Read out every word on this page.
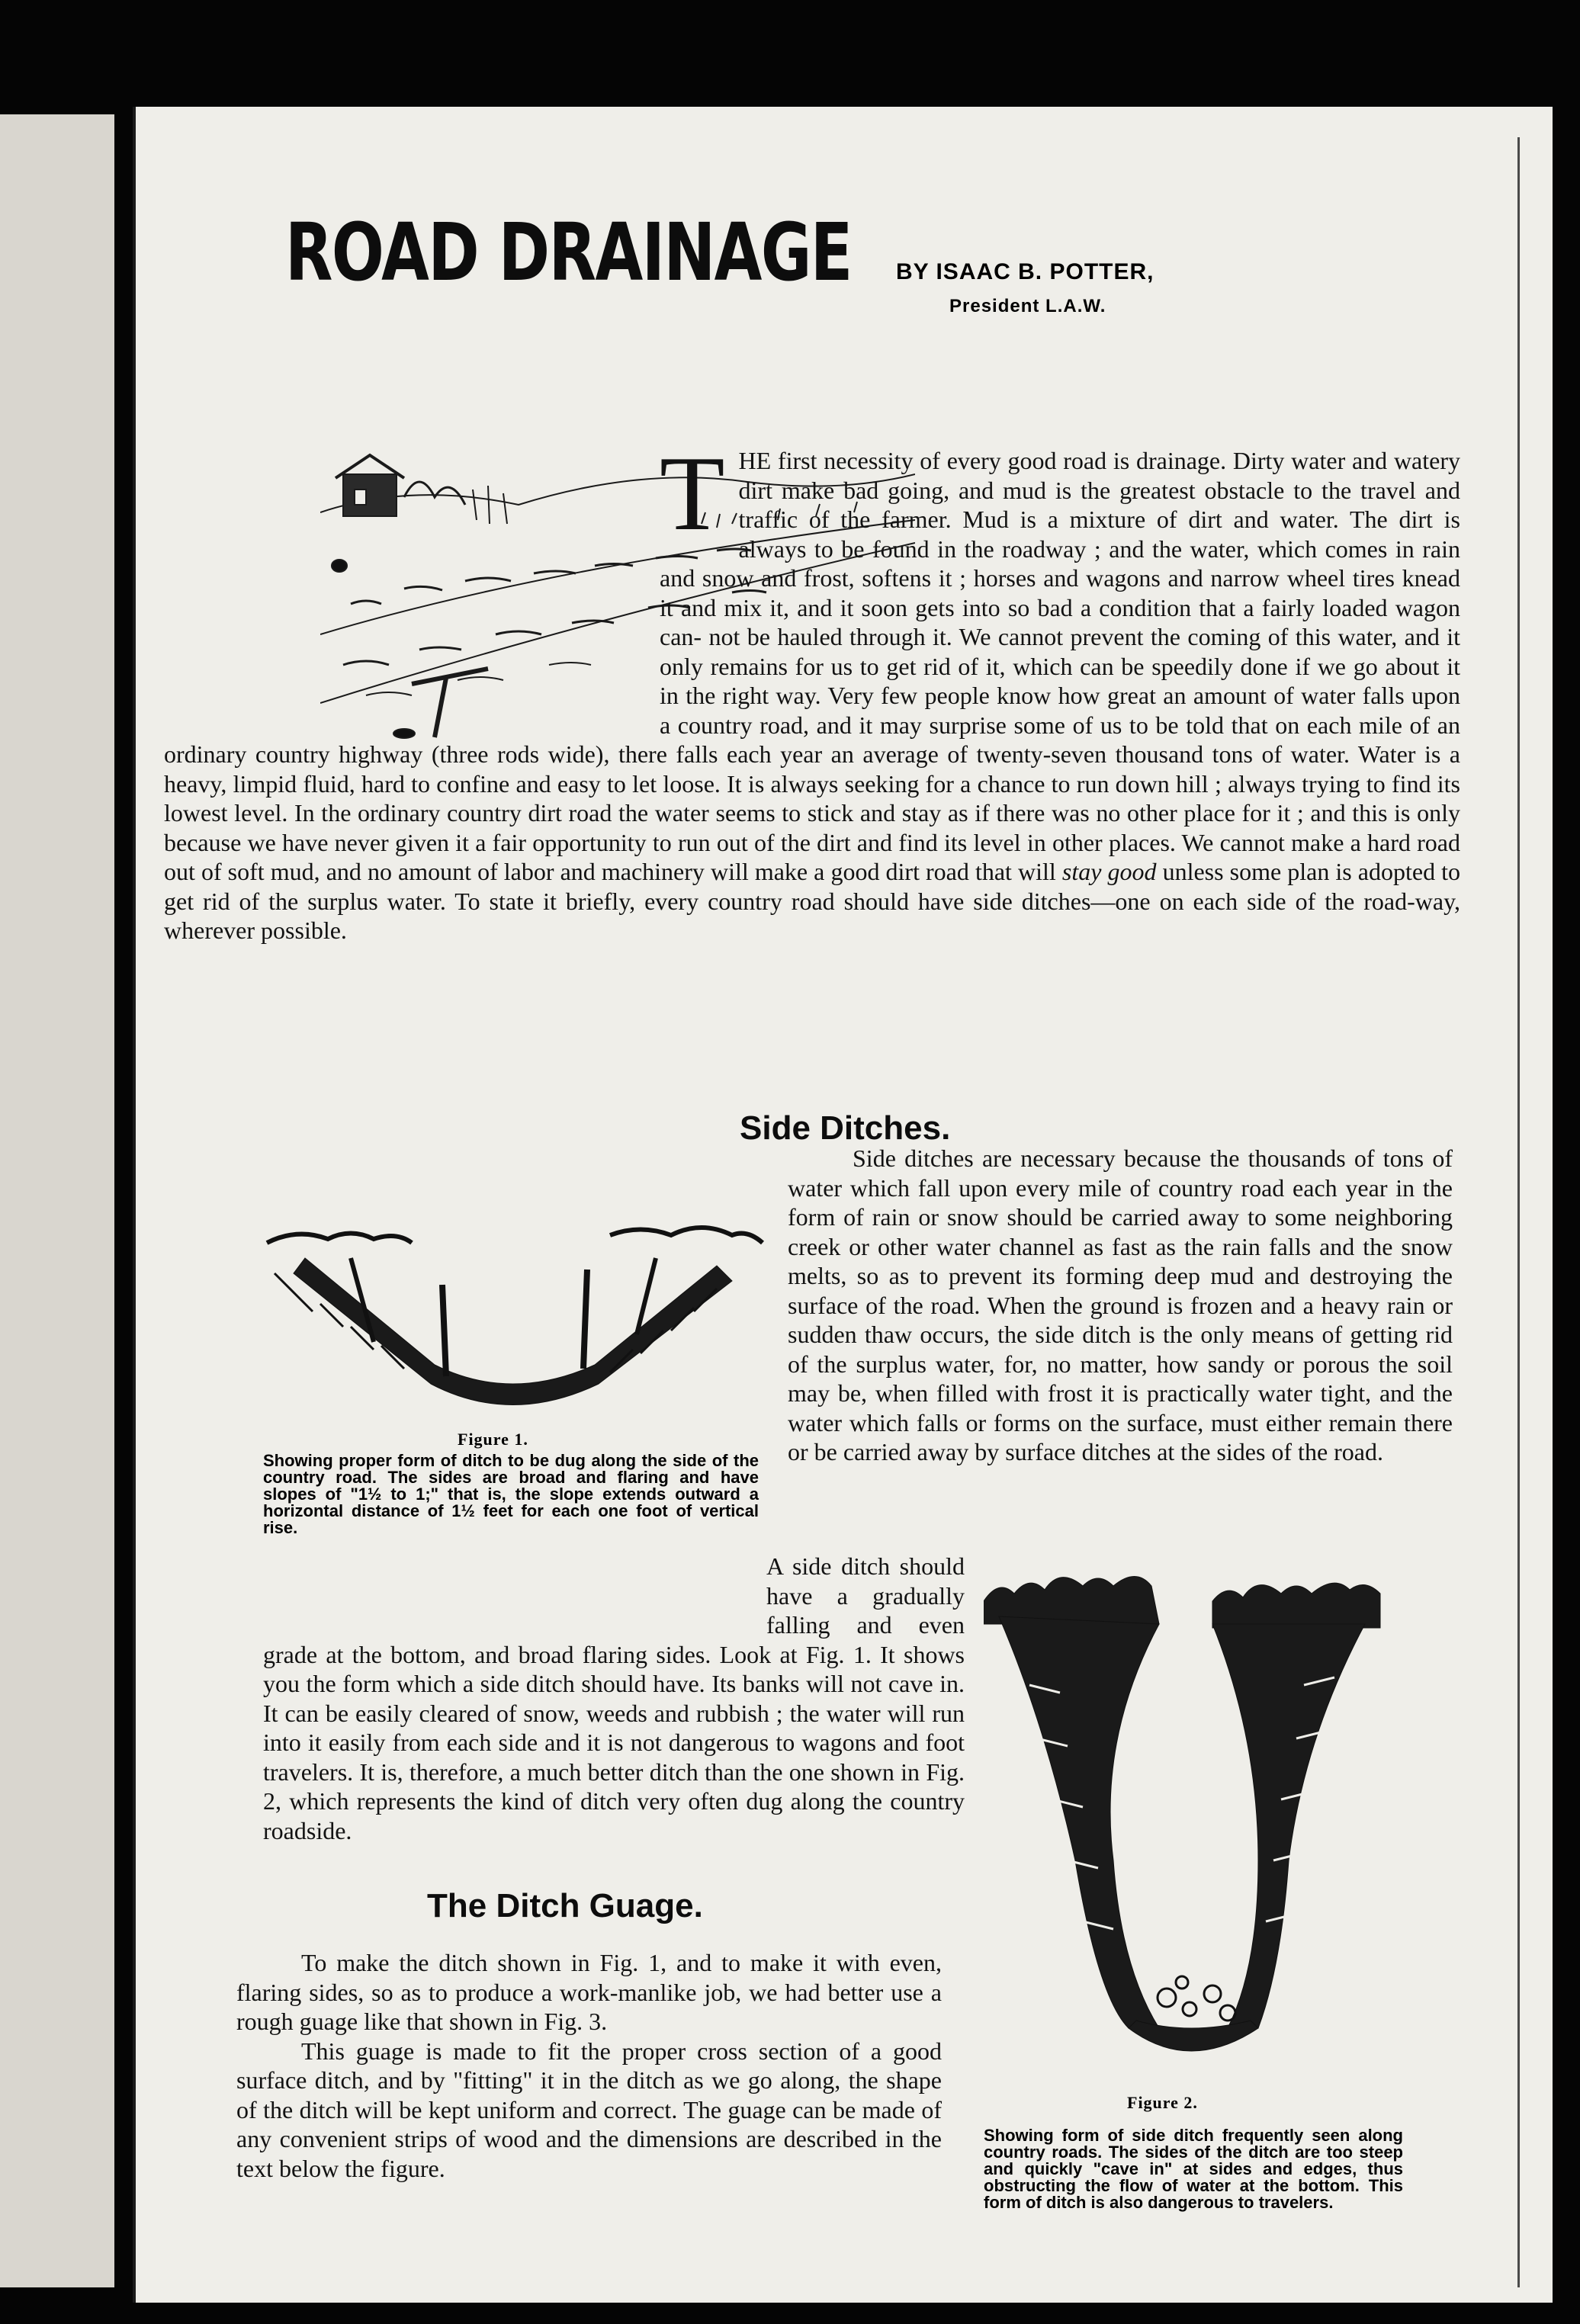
ROAD DRAINAGE BY ISAAC B. POTTER,
President L.A.W.
T HE first necessity of every good road is drainage. Dirty water and watery dirt make bad going, and mud is the greatest obstacle to the travel and traffic of the farmer. Mud is a mixture of dirt and water. The dirt is always to be found in the roadway ; and the water, which comes in rain and snow and frost, softens it ; horses and wagons and narrow wheel tires knead it and mix it, and it soon gets into so bad a condition that a fairly loaded wagon can- not be hauled through it. We cannot prevent the coming of this water, and it only remains for us to get rid of it, which can be speedily done if we go about it in the right way. Very few people know how great an amount of water falls upon a country road, and it may surprise some of us to be told that on each mile of an ordinary country highway (three rods wide), there falls each year an average of twenty-seven thousand tons of water. Water is a heavy, limpid fluid, hard to confine and easy to let loose. It is always seeking for a chance to run down hill ; always trying to find its lowest level. In the ordinary country dirt road the water seems to stick and stay as if there was no other place for it ; and this is only because we have never given it a fair opportunity to run out of the dirt and find its level in other places. We cannot make a hard road out of soft mud, and no amount of labor and machinery will make a good dirt road that will stay good unless some plan is adopted to get rid of the surplus water. To state it briefly, every country road should have side ditches—one on each side of the road-way, wherever possible.
Side Ditches.
Figure 1.
Showing proper form of ditch to be dug along the side of the country road. The sides are broad and flaring and have slopes of "1½ to 1;" that is, the slope extends outward a horizontal distance of 1½ feet for each one foot of vertical rise.

Side ditches are necessary because the thousands of tons of water which fall upon every mile of country road each year in the form of rain or snow should be carried away to some neighboring creek or other water channel as fast as the rain falls and the snow melts, so as to prevent its forming deep mud and destroying the surface of the road. When the ground is frozen and a heavy rain or sudden thaw occurs, the side ditch is the only means of getting rid of the surplus water, for, no matter, how sandy or porous the soil may be, when filled with frost it is practically water tight, and the water which falls or forms on the surface, must either remain there or be carried away by surface ditches at the sides of the road.

A side ditch should have a gradually falling and even grade at the bottom, and broad flaring sides. Look at Fig. 1. It shows you the form which a side ditch should have. Its banks will not cave in. It can be easily cleared of snow, weeds and rubbish ; the water will run into it easily from each side and it is not dangerous to wagons and foot travelers. It is, therefore, a much better ditch than the one shown in Fig. 2, which represents the kind of ditch very often dug along the country roadside.

Figure 2.
Showing form of side ditch frequently seen along country roads. The sides of the ditch are too steep and quickly "cave in" at sides and edges, thus obstructing the flow of water at the bottom. This form of ditch is also dangerous to travelers.
The Ditch Guage.

To make the ditch shown in Fig. 1, and to make it with even, flaring sides, so as to produce a work-manlike job, we had better use a rough guage like that shown in Fig. 3.

This guage is made to fit the proper cross section of a good surface ditch, and by "fitting" it in the ditch as we go along, the shape of the ditch will be kept uniform and correct. The guage can be made of any convenient strips of wood and the dimensions are described in the text below the figure.
